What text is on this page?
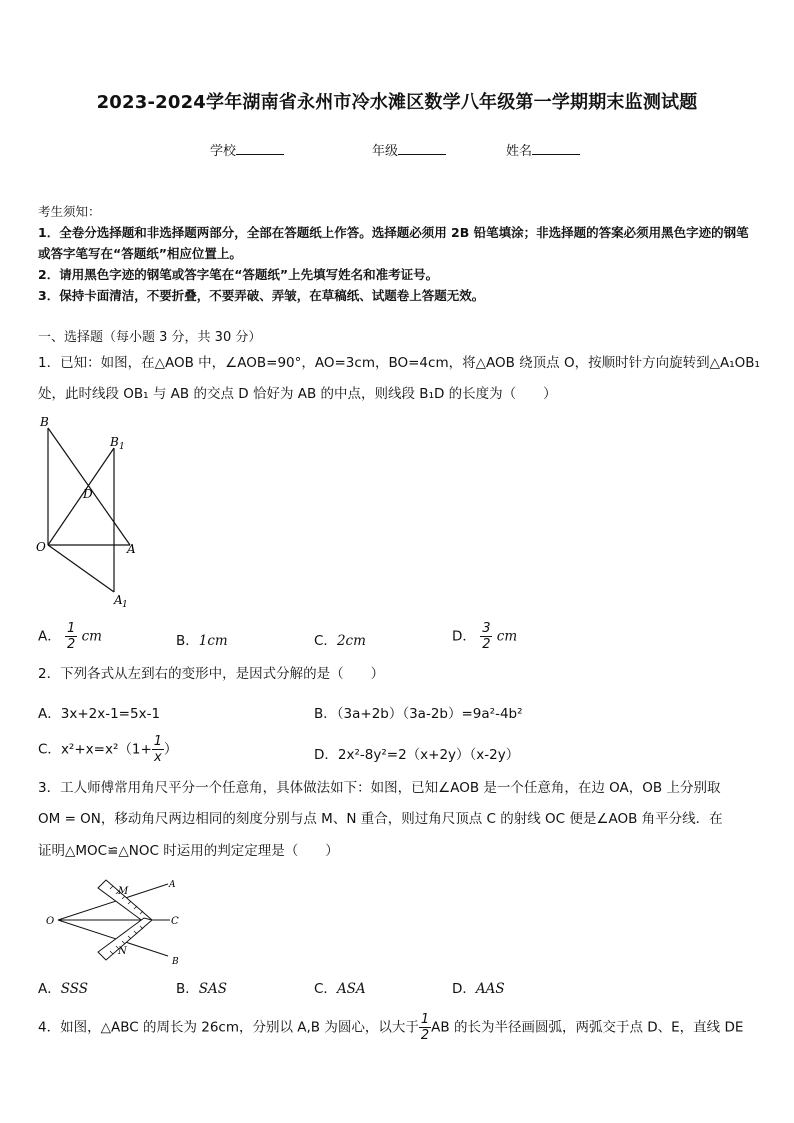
2023-2024学年湖南省永州市冷水滩区数学八年级第一学期期末监测试题
学校	年级	姓名
考生须知：
1．全卷分选择题和非选择题两部分，全部在答题纸上作答。选择题必须用 2B 铅笔填涂；非选择题的答案必须用黑色字迹的钢笔或答字笔写在“答题纸”相应位置上。
2．请用黑色字迹的钢笔或答字笔在“答题纸”上先填写姓名和准考证号。
3．保持卡面清洁，不要折叠，不要弄破、弄皱，在草稿纸、试题卷上答题无效。
一、选择题（每小题 3 分，共 30 分）
1．已知：如图，在△AOB 中，∠AOB=90°，AO=3cm，BO=4cm，将△AOB 绕顶点 O，按顺时针方向旋转到△A₁OB₁
处，此时线段 OB₁ 与 AB 的交点 D 恰好为 AB 的中点，则线段 B₁D 的长度为（　　）
B
B 1
D
O	A
A 1
A． $\frac{1}{2}$ cm	B．1cm	C．2cm	D． $\frac{3}{2}$ cm
2．下列各式从左到右的变形中，是因式分解的是（　　）
A．3x+2x-1=5x-1	B．（3a+2b）（3a-2b）=9a²-4b²
C．$x^2+x=x^2(1+ \frac{1}{x}$ ）	D．2x²-8y²=2（x+2y）（x-2y）
3．工人师傅常用角尺平分一个任意角，具体做法如下：如图，已知∠AOB 是一个任意角，在边 OA，OB 上分别取
OM = ON，移动角尺两边相同的刻度分别与点 M、N 重合，则过角尺顶点 C 的射线 OC 便是∠AOB 角平分线．在
证明△MOC≌△NOC 时运用的判定定理是（　　）
O
M
N
A
B
C
A．SSS	B．SAS	C．ASA	D．AAS
4．如图，△ABC 的周长为 26cm，分别以 A,B 为圆心，以大于 $\frac{1}{2}$ AB 的长为半径画圆弧，两弧交于点 D、E，直线 DE
